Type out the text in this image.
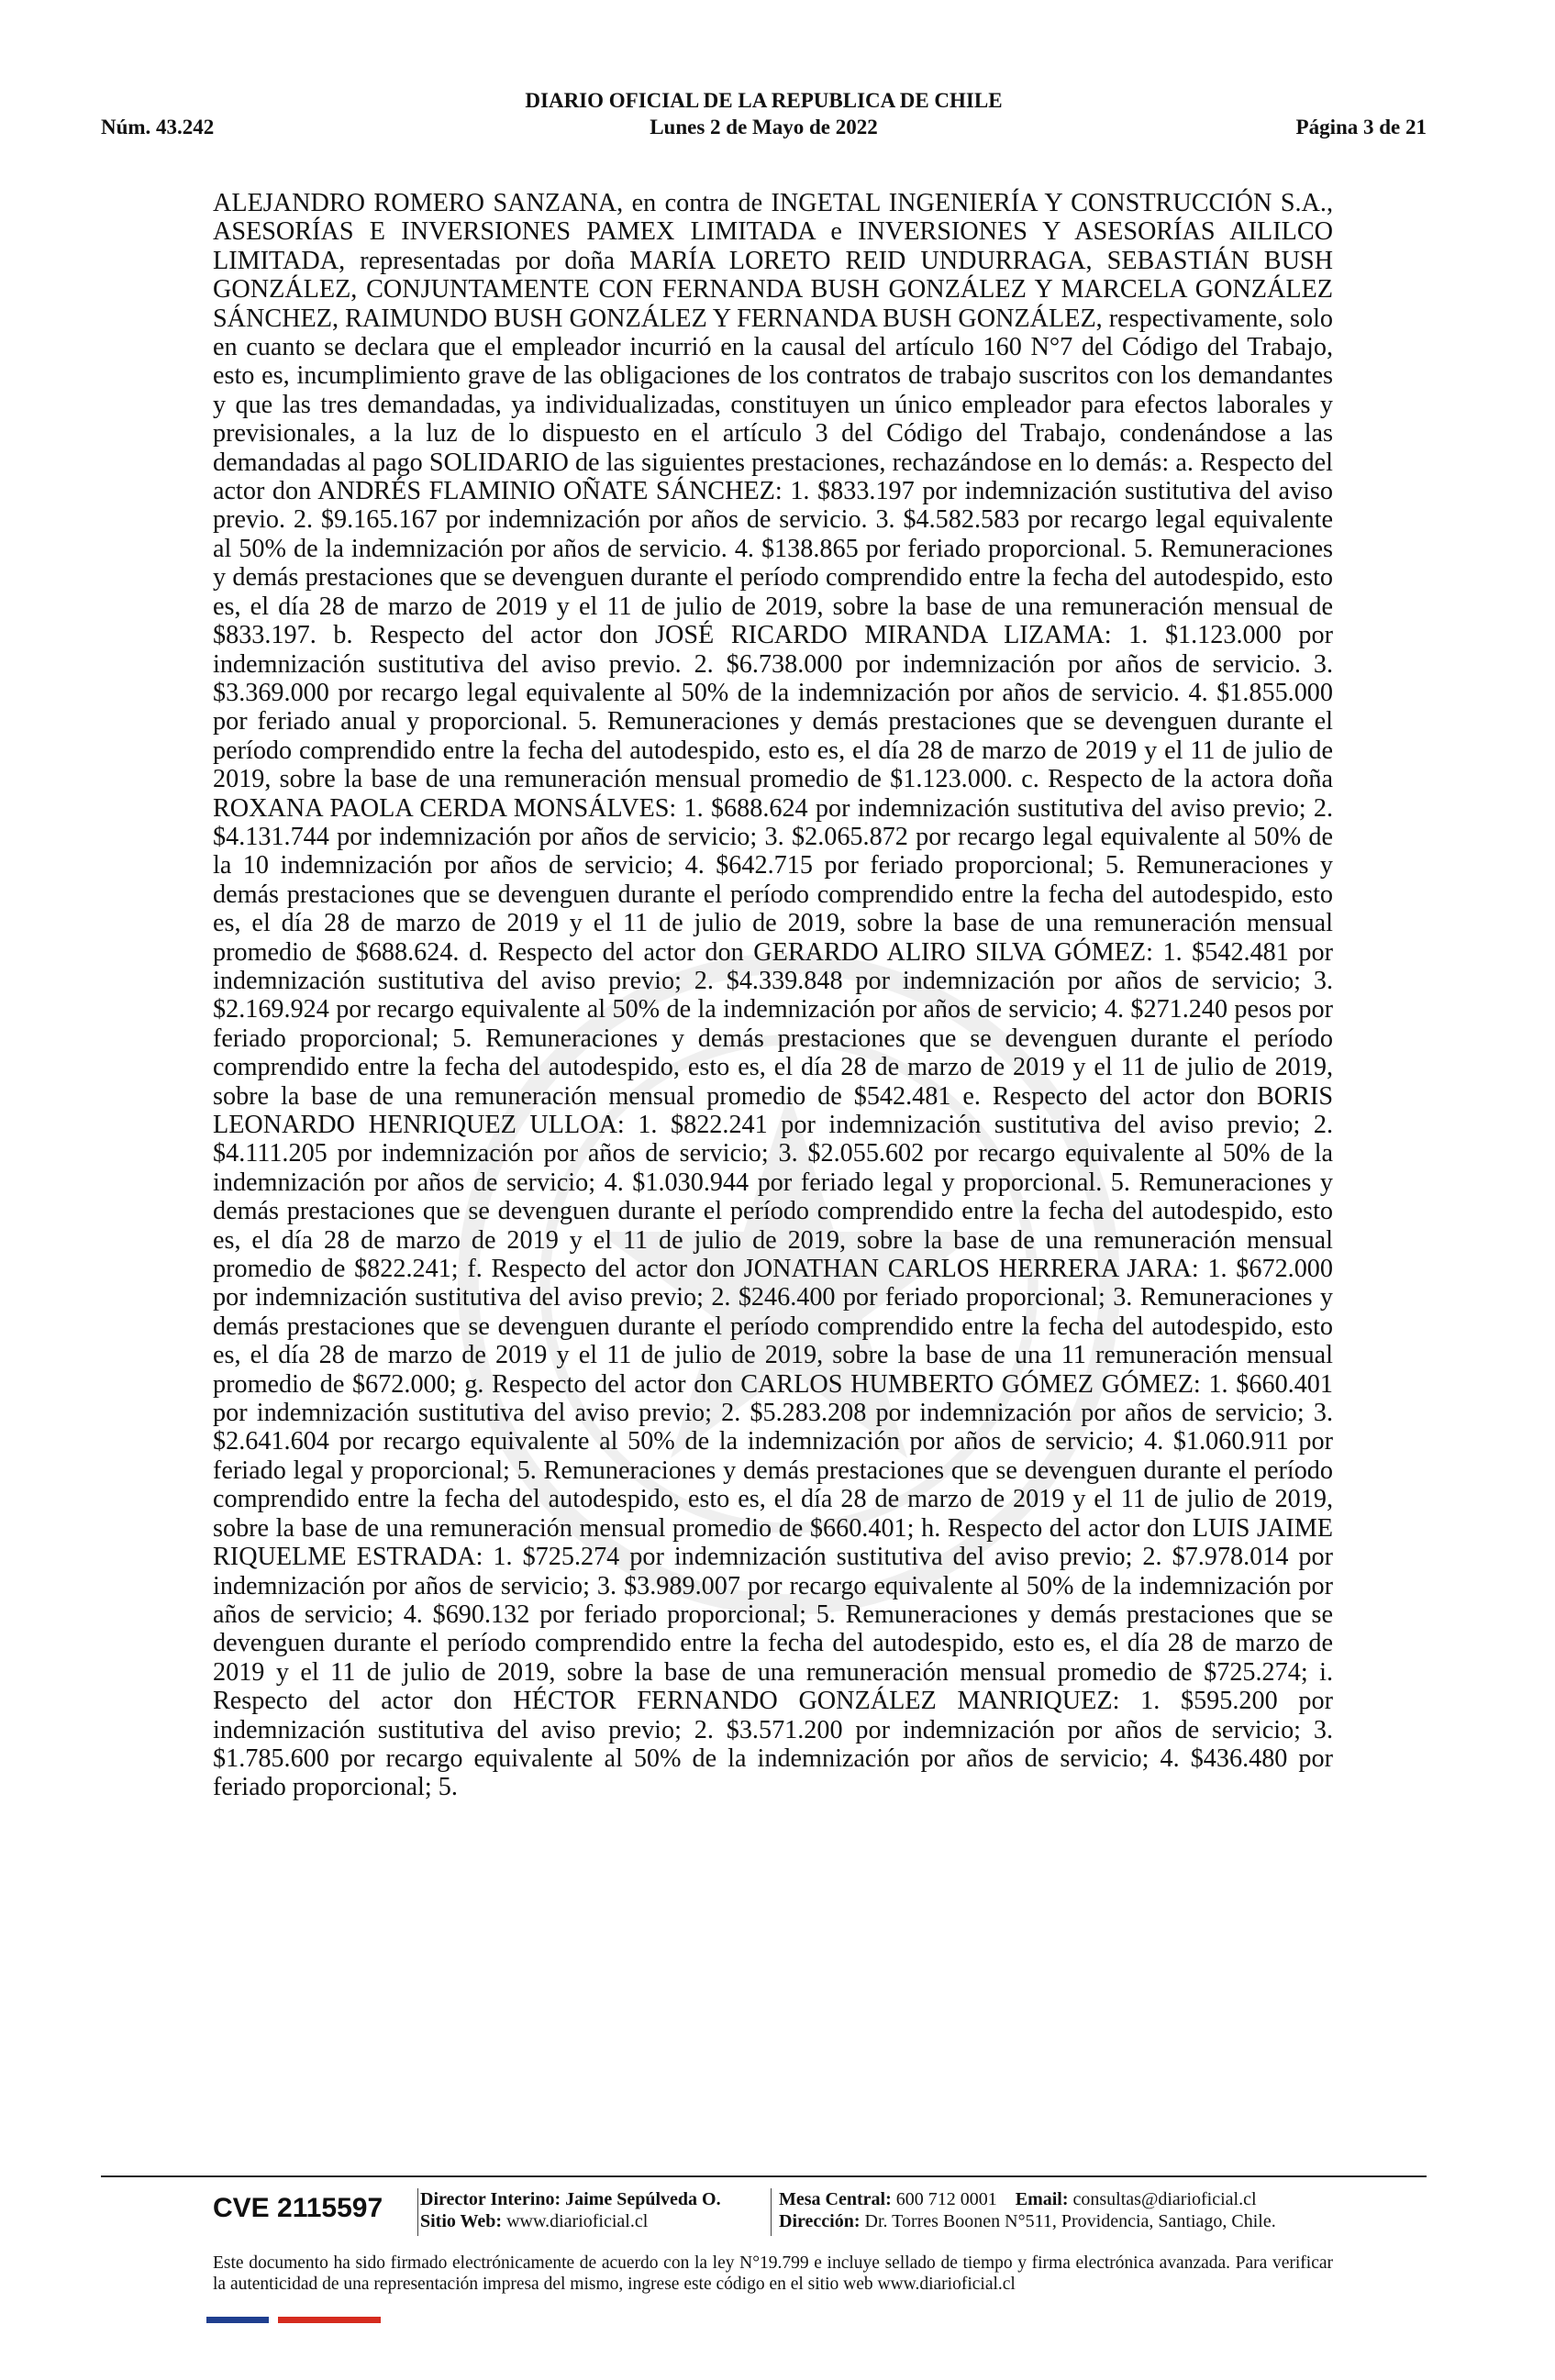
DIARIO OFICIAL DE LA REPUBLICA DE CHILE
Núm. 43.242	Lunes 2 de Mayo de 2022	Página 3 de 21
ALEJANDRO ROMERO SANZANA, en contra de INGETAL INGENIERÍA Y CONSTRUCCIÓN S.A., ASESORÍAS E INVERSIONES PAMEX LIMITADA e INVERSIONES Y ASESORÍAS AILILCO LIMITADA, representadas por doña MARÍA LORETO REID UNDURRAGA, SEBASTIÁN BUSH GONZÁLEZ, CONJUNTAMENTE CON FERNANDA BUSH GONZÁLEZ Y MARCELA GONZÁLEZ SÁNCHEZ, RAIMUNDO BUSH GONZÁLEZ Y FERNANDA BUSH GONZÁLEZ, respectivamente, solo en cuanto se declara que el empleador incurrió en la causal del artículo 160 N°7 del Código del Trabajo, esto es, incumplimiento grave de las obligaciones de los contratos de trabajo suscritos con los demandantes y que las tres demandadas, ya individualizadas, constituyen un único empleador para efectos laborales y previsionales, a la luz de lo dispuesto en el artículo 3 del Código del Trabajo, condenándose a las demandadas al pago SOLIDARIO de las siguientes prestaciones, rechazándose en lo demás: a. Respecto del actor don ANDRÉS FLAMINIO OÑATE SÁNCHEZ: 1. $833.197 por indemnización sustitutiva del aviso previo. 2. $9.165.167 por indemnización por años de servicio. 3. $4.582.583 por recargo legal equivalente al 50% de la indemnización por años de servicio. 4. $138.865 por feriado proporcional. 5. Remuneraciones y demás prestaciones que se devenguen durante el período comprendido entre la fecha del autodespido, esto es, el día 28 de marzo de 2019 y el 11 de julio de 2019, sobre la base de una remuneración mensual de $833.197. b. Respecto del actor don JOSÉ RICARDO MIRANDA LIZAMA: 1. $1.123.000 por indemnización sustitutiva del aviso previo. 2. $6.738.000 por indemnización por años de servicio. 3. $3.369.000 por recargo legal equivalente al 50% de la indemnización por años de servicio. 4. $1.855.000 por feriado anual y proporcional. 5. Remuneraciones y demás prestaciones que se devenguen durante el período comprendido entre la fecha del autodespido, esto es, el día 28 de marzo de 2019 y el 11 de julio de 2019, sobre la base de una remuneración mensual promedio de $1.123.000. c. Respecto de la actora doña ROXANA PAOLA CERDA MONSÁLVES: 1. $688.624 por indemnización sustitutiva del aviso previo; 2. $4.131.744 por indemnización por años de servicio; 3. $2.065.872 por recargo legal equivalente al 50% de la 10 indemnización por años de servicio; 4. $642.715 por feriado proporcional; 5. Remuneraciones y demás prestaciones que se devenguen durante el período comprendido entre la fecha del autodespido, esto es, el día 28 de marzo de 2019 y el 11 de julio de 2019, sobre la base de una remuneración mensual promedio de $688.624. d. Respecto del actor don GERARDO ALIRO SILVA GÓMEZ: 1. $542.481 por indemnización sustitutiva del aviso previo; 2. $4.339.848 por indemnización por años de servicio; 3. $2.169.924 por recargo equivalente al 50% de la indemnización por años de servicio; 4. $271.240 pesos por feriado proporcional; 5. Remuneraciones y demás prestaciones que se devenguen durante el período comprendido entre la fecha del autodespido, esto es, el día 28 de marzo de 2019 y el 11 de julio de 2019, sobre la base de una remuneración mensual promedio de $542.481 e. Respecto del actor don BORIS LEONARDO HENRIQUEZ ULLOA: 1. $822.241 por indemnización sustitutiva del aviso previo; 2. $4.111.205 por indemnización por años de servicio; 3. $2.055.602 por recargo equivalente al 50% de la indemnización por años de servicio; 4. $1.030.944 por feriado legal y proporcional. 5. Remuneraciones y demás prestaciones que se devenguen durante el período comprendido entre la fecha del autodespido, esto es, el día 28 de marzo de 2019 y el 11 de julio de 2019, sobre la base de una remuneración mensual promedio de $822.241; f. Respecto del actor don JONATHAN CARLOS HERRERA JARA: 1. $672.000 por indemnización sustitutiva del aviso previo; 2. $246.400 por feriado proporcional; 3. Remuneraciones y demás prestaciones que se devenguen durante el período comprendido entre la fecha del autodespido, esto es, el día 28 de marzo de 2019 y el 11 de julio de 2019, sobre la base de una 11 remuneración mensual promedio de $672.000; g. Respecto del actor don CARLOS HUMBERTO GÓMEZ GÓMEZ: 1. $660.401 por indemnización sustitutiva del aviso previo; 2. $5.283.208 por indemnización por años de servicio; 3. $2.641.604 por recargo equivalente al 50% de la indemnización por años de servicio; 4. $1.060.911 por feriado legal y proporcional; 5. Remuneraciones y demás prestaciones que se devenguen durante el período comprendido entre la fecha del autodespido, esto es, el día 28 de marzo de 2019 y el 11 de julio de 2019, sobre la base de una remuneración mensual promedio de $660.401; h. Respecto del actor don LUIS JAIME RIQUELME ESTRADA: 1. $725.274 por indemnización sustitutiva del aviso previo; 2. $7.978.014 por indemnización por años de servicio; 3. $3.989.007 por recargo equivalente al 50% de la indemnización por años de servicio; 4. $690.132 por feriado proporcional; 5. Remuneraciones y demás prestaciones que se devenguen durante el período comprendido entre la fecha del autodespido, esto es, el día 28 de marzo de 2019 y el 11 de julio de 2019, sobre la base de una remuneración mensual promedio de $725.274; i. Respecto del actor don HÉCTOR FERNANDO GONZÁLEZ MANRIQUEZ: 1. $595.200 por indemnización sustitutiva del aviso previo; 2. $3.571.200 por indemnización por años de servicio; 3. $1.785.600 por recargo equivalente al 50% de la indemnización por años de servicio; 4. $436.480 por feriado proporcional; 5.
CVE 2115597 Director Interino: Jaime Sepúlveda O.
Sitio Web: www.diarioficial.cl
Mesa Central: 600 712 0001 Email: consultas@diarioficial.cl
Dirección: Dr. Torres Boonen N°511, Providencia, Santiago, Chile.
Este documento ha sido firmado electrónicamente de acuerdo con la ley N°19.799 e incluye sellado de tiempo y firma electrónica avanzada. Para verificar la autenticidad de una representación impresa del mismo, ingrese este código en el sitio web www.diarioficial.cl
